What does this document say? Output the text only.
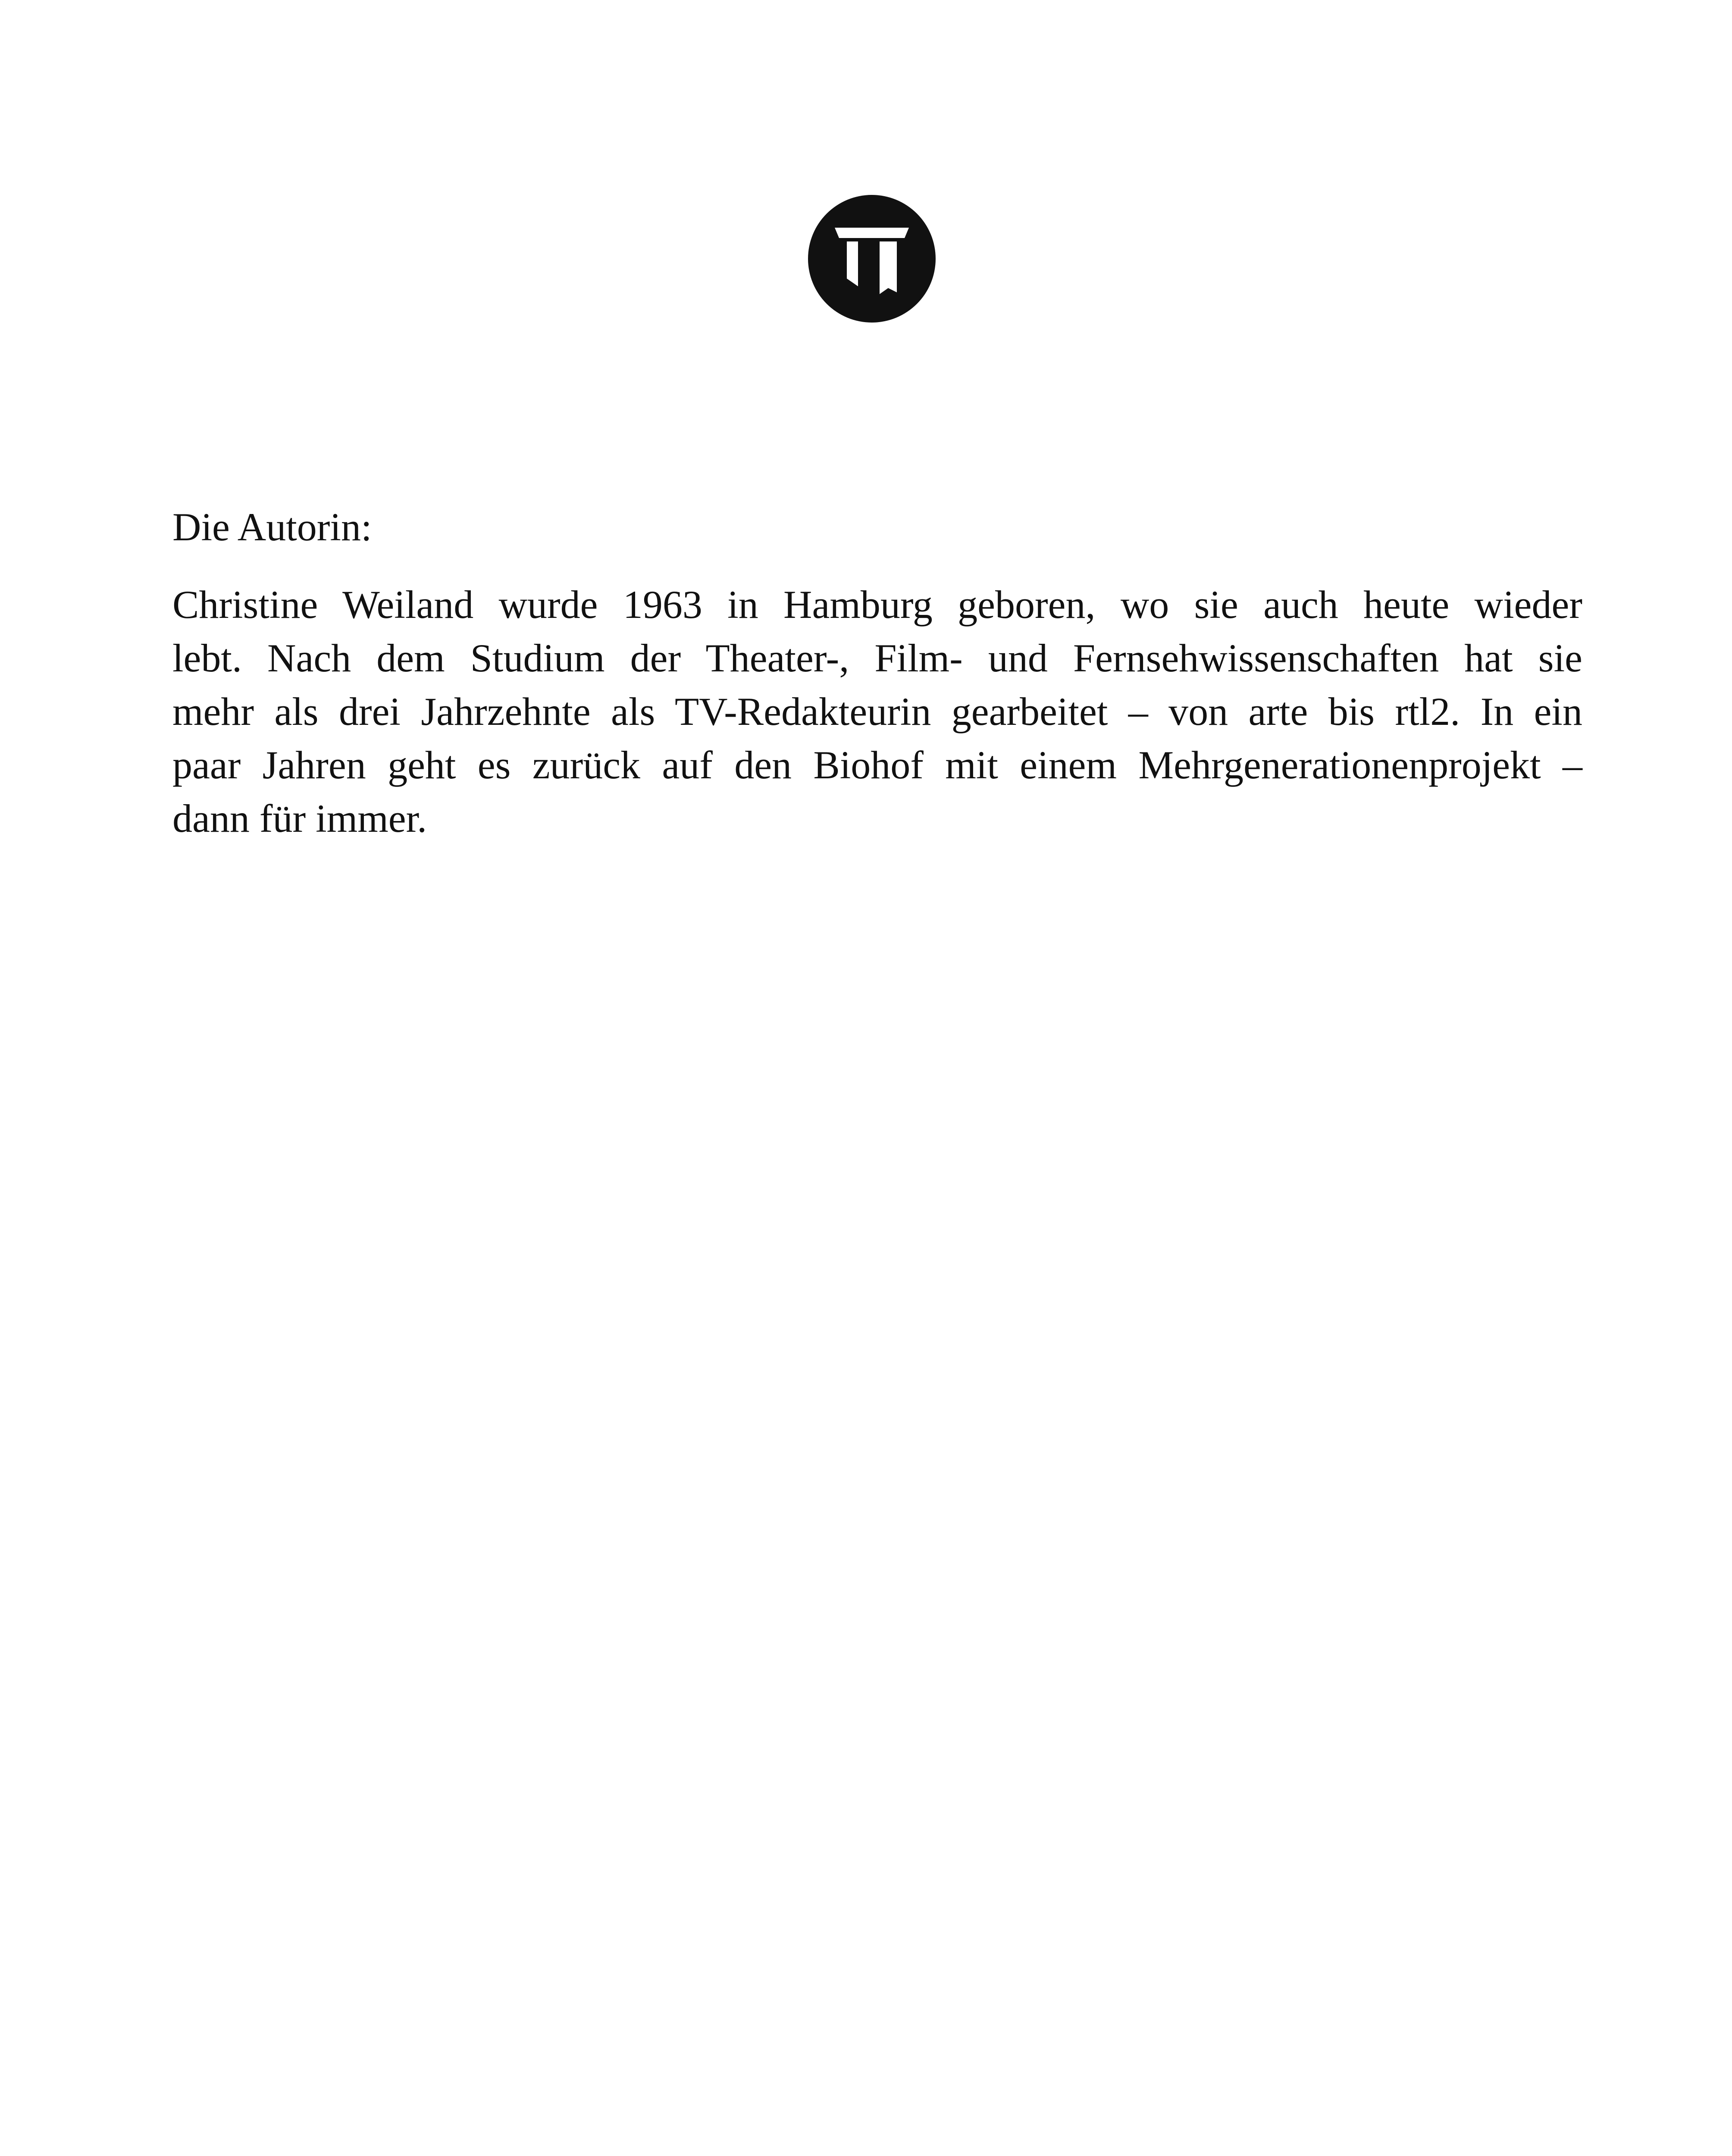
Die Autorin:

Christine Weiland wurde 1963 in Hamburg geboren, wo sie auch heute wieder
lebt. Nach dem Studium der Theater-, Film- und Fernsehwissenschaften hat sie
mehr als drei Jahrzehnte als TV-Redakteurin gearbeitet – von arte bis rtl2. In ein
paar Jahren geht es zurück auf den Biohof mit einem Mehrgenerationenprojekt –
dann für immer.
